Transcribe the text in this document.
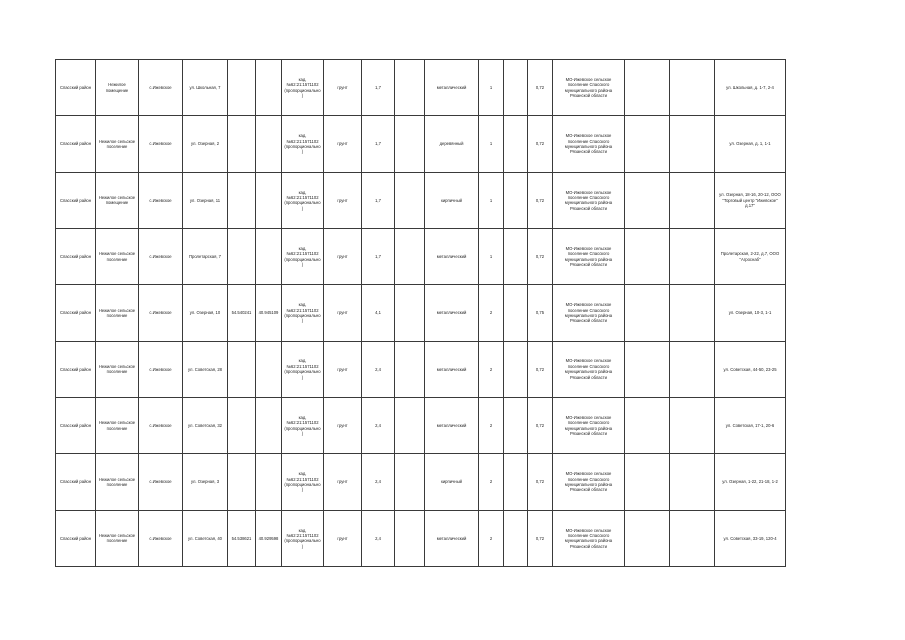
Спасский район	Нежилое помещение	с.Ижевское	ул. Школьная, 7			кад.№62:21:1571102 (пропорционально)	грунт	1,7		металлический	1		0,72	МО-Ижевское сельское поселение Спасского муниципального района Рязанской области			ул. Школьная, д. 1-7, 2-4
Спасский район	Нежилое сельское поселение	с.Ижевское	ул. Озерная, 2			кад.№62:21:1571102 (пропорционально)	грунт	1,7		деревянный	1		0,72	МО-Ижевское сельское поселение Спасского муниципального района Рязанской области			ул. Озерная, д. 1, 1-1
Спасский район	Нежилое сельское помещение	с.Ижевское	ул. Озерная, 11			кад.№62:21:1571102 (пропорционально)	грунт	1,7		кирпичный	1		0,72	МО-Ижевское сельское поселение Спасского муниципального района Рязанской области			ул. Озерная, 18-16, 20-12, ООО "Торговый центр "Ижевское" д.17"
Спасский район	Нежилое сельское поселение	с.Ижевское	Пролетарская, 7			кад.№62:21:1571102 (пропорционально)	грунт	1,7		металлический	1		0,72	МО-Ижевское сельское поселение Спасского муниципального района Рязанской области			Пролетарская, 2-22, д.7, ООО "Агроснаб"
Спасский район	Нежилое сельское поселение	с.Ижевское	ул. Озерная, 10	54.540241	40.945109	кад.№62:21:1571102 (пропорционально)	грунт	4,1		металлический	2		0,75	МО-Ижевское сельское поселение Спасского муниципального района Рязанской области			ул. Озерная, 10-3, 1-1
Спасский район	Нежилое сельское поселение	с.Ижевское	ул. Советская, 28			кад.№62:21:1571102 (пропорционально)	грунт	2,4		металлический	2		0,72	МО-Ижевское сельское поселение Спасского муниципального района Рязанской области			ул. Советская, 44-50, 23-25
Спасский район	Нежилое сельское поселение	с.Ижевское	ул. Советская, 32			кад.№62:21:1571102 (пропорционально)	грунт	2,4		металлический	2		0,72	МО-Ижевское сельское поселение Спасского муниципального района Рязанской области			ул. Советская, 17-1, 20-6
Спасский район	Нежилое сельское поселение	с.Ижевское	ул. Озерная, 3			кад.№62:21:1571102 (пропорционально)	грунт	2,4		кирпичный	2		0,72	МО-Ижевское сельское поселение Спасского муниципального района Рязанской области			ул. Озерная, 1-22, 21-18, 1-2
Спасский район	Нежилое сельское поселение	с.Ижевское	ул. Советская, 40	54.538621	40.929598	кад.№62:21:1571102 (пропорционально)	грунт	2,4		металлический	2		0,72	МО-Ижевское сельское поселение Спасского муниципального района Рязанской области			ул. Советская, 33-19, 120-4
